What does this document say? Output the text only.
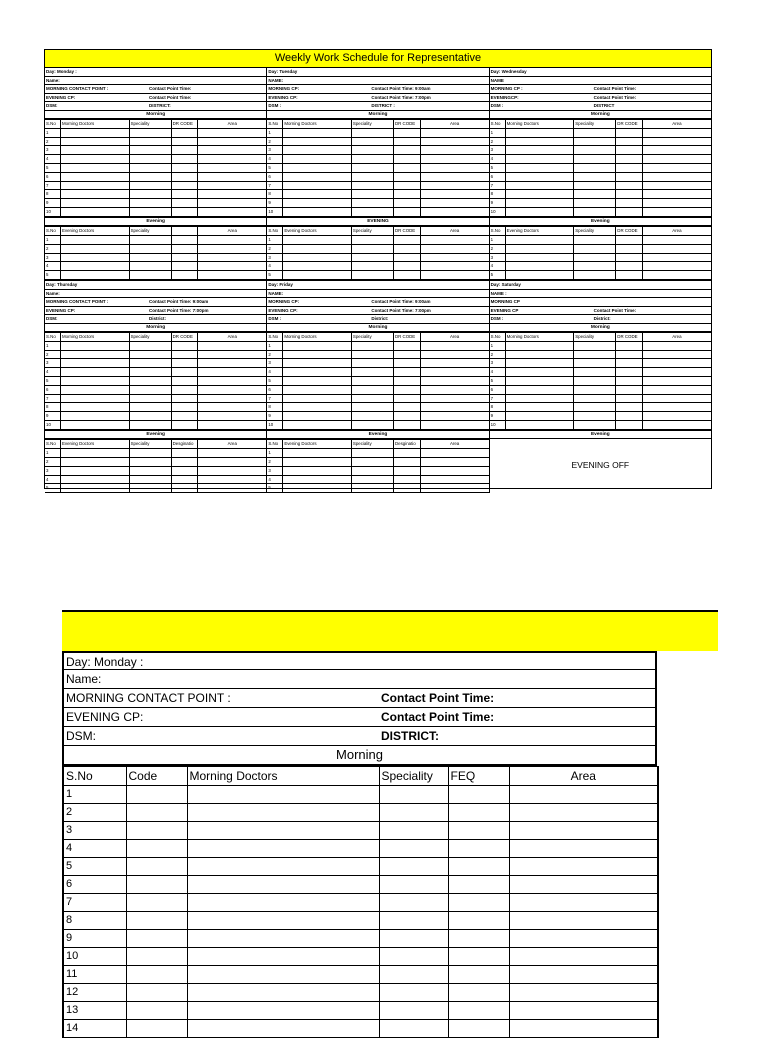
Weekly Work Schedule for Representative
Day: Monday :
Name:
MORNING CONTACT POINT :	Contact Point Time:
EVENING CP:	Contact Point Time:
DSM:	DISTRICT:
Morning
S.No	Morning Doctors	Speciality	DR CODE	Area
1				
2				
3				
4				
5				
6				
7				
8				
9				
10				
Evening
S.No	Evening Doctors	Speciality		Area
1				
2				
3				
4				
5				
Day: Tuesday
NAME:
MORNING CP:	Contact Point Time: 9:00am
EVENING CP:	Contact Point Time: 7:00pm
DSM :	DISTRICT :
Morning
S.No	Morning Doctors	Speciality	DR CODE	Area
1				
2				
3				
4				
5				
6				
7				
8				
9				
10				
EVENING
S.No	Evening Doctors	Speciality	DR CODE	Area
1				
2				
3				
4				
5				
Day: Wednesday
NAME
MORNING CP :	Contact Point Time:
EVENINGCP:	Contact Point Time:
DSM :	DISTRICT
Morning
S.No	Morning Doctors	Speciality	DR CODE	Area
1				
2				
3				
4				
5				
6				
7				
8				
9				
10				
Evening
S.No	Evening Doctors	Speciality	DR CODE	Area
1				
2				
3				
4				
5				
Day: Thursday
Name:
MORNING CONTACT POINT :	Contact Point Time: 9:00am
EVENING CP:	Contact Point Time: 7:00pm
DSM:	District:
Morning
S.No	Morning Doctors	Speciality	DR CODE	Area
1				
2				
3				
4				
5				
6				
7				
8				
9				
10				
Evening
S.No	Evening Doctors	Speciality	Desginatio	Area
1				
2				
3				
4				
5				
Day: Friday
NAME:
MORNING CP:	Contact Point Time: 9:00am
EVENING CP:	Contact Point Time: 7:00pm
DSM :	District:
Morning
S.No	Morning Doctors	Speciality	DR CODE	Area
1				
2				
3				
4				
5				
6				
7				
8				
9				
10				
Evening
S.No	Evening Doctors	Speciality	Desginatio	Area
1				
2				
3				
4				
5				
Day: Saturday
NAME :
MORNING CP
EVENING CP	Contact Point Time:
DSM :	District:
Morning
S.No	Morning Doctors	Speciality	DR CODE	Area
1				
2				
3				
4				
5				
6				
7				
8				
9				
10				
Evening
EVENING OFF
Day: Monday :
Name:
MORNING CONTACT POINT :	Contact Point Time:
EVENING CP:	Contact Point Time:
DSM:	DISTRICT:
Morning
S.No	Code	Morning Doctors	Speciality	FEQ	Area
1					
2					
3					
4					
5					
6					
7					
8					
9					
10					
11					
12					
13					
14					
